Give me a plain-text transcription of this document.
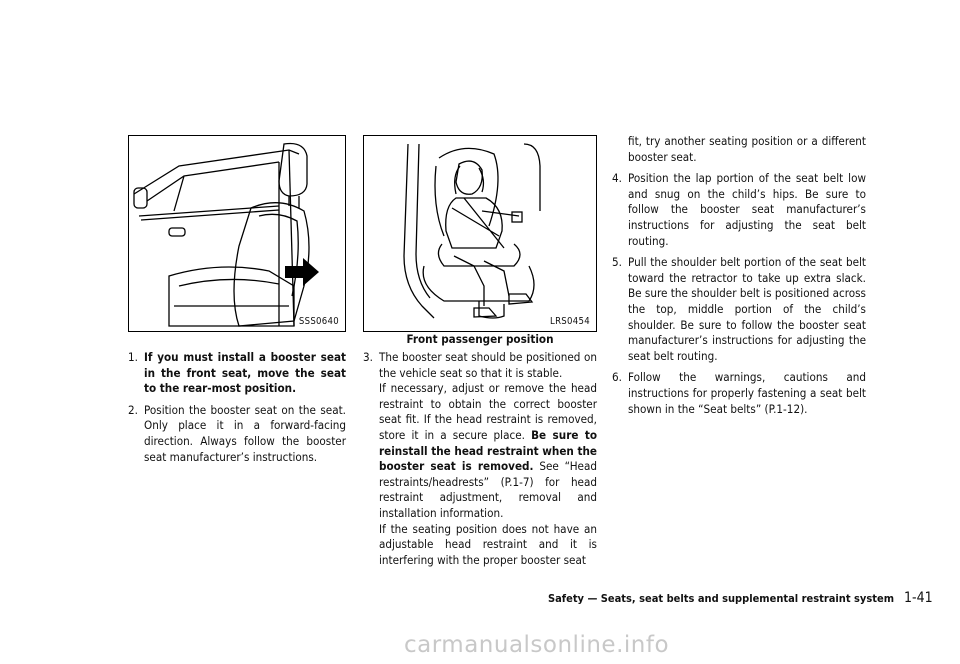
SSS0640	LRS0454
Front passenger position
1. If you must install a booster seat in the front seat, move the seat to the rear-most position.
2. Position the booster seat on the seat. Only place it in a forward-facing direction. Always follow the booster seat manufacturer’s instructions.
3. The booster seat should be positioned on the vehicle seat so that it is stable.

If necessary, adjust or remove the head restraint to obtain the correct booster seat fit. If the head restraint is removed, store it in a secure place. Be sure to reinstall the head restraint when the booster seat is removed. See “Head restraints/headrests” (P.1-7) for head restraint adjustment, removal and installation information.

If the seating position does not have an adjustable head restraint and it is interfering with the proper booster seat

fit, try another seating position or a different booster seat.
4. Position the lap portion of the seat belt low and snug on the child’s hips. Be sure to follow the booster seat manufacturer’s instructions for adjusting the seat belt routing.
5. Pull the shoulder belt portion of the seat belt toward the retractor to take up extra slack. Be sure the shoulder belt is positioned across the top, middle portion of the child’s shoulder. Be sure to follow the booster seat manufacturer’s instructions for adjusting the seat belt routing.
6. Follow the warnings, cautions and instructions for properly fastening a seat belt shown in the “Seat belts” (P.1-12).
Safety — Seats, seat belts and supplemental restraint system 1-41
carmanualsonline.info
